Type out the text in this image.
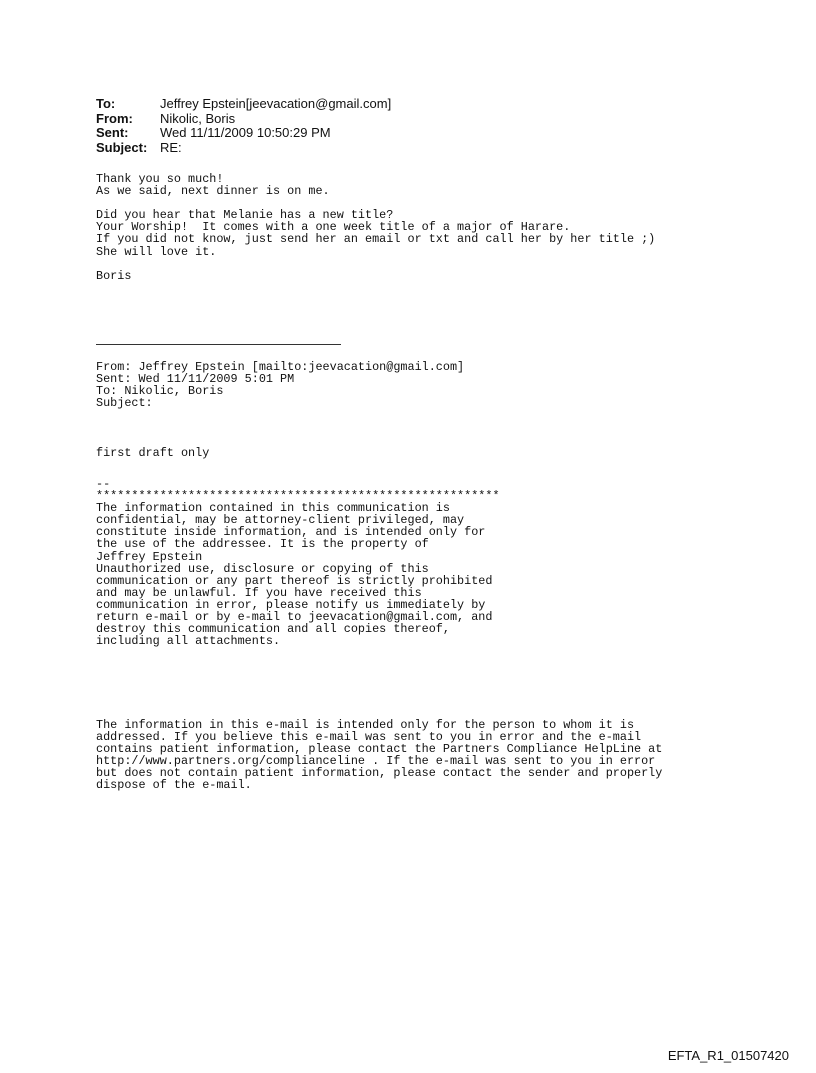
To:	Jeffrey Epstein[jeevacation@gmail.com]
From:	Nikolic, Boris
Sent:	Wed 11/11/2009 10:50:29 PM
Subject: RE:
Thank you so much!
As we said, next dinner is on me.

Did you hear that Melanie has a new title?
Your Worship!  It comes with a one week title of a major of Harare.
If you did not know, just send her an email or txt and call her by her title ;)
She will love it.

Boris
From: Jeffrey Epstein [mailto:jeevacation@gmail.com]
Sent: Wed 11/11/2009 5:01 PM
To: Nikolic, Boris
Subject:
first draft only
--
*********************************************************
The information contained in this communication is
confidential, may be attorney-client privileged, may
constitute inside information, and is intended only for
the use of the addressee. It is the property of
Jeffrey Epstein
Unauthorized use, disclosure or copying of this
communication or any part thereof is strictly prohibited
and may be unlawful. If you have received this
communication in error, please notify us immediately by
return e-mail or by e-mail to jeevacation@gmail.com, and
destroy this communication and all copies thereof,
including all attachments.
The information in this e-mail is intended only for the person to whom it is
addressed. If you believe this e-mail was sent to you in error and the e-mail
contains patient information, please contact the Partners Compliance HelpLine at
http://www.partners.org/complianceline . If the e-mail was sent to you in error
but does not contain patient information, please contact the sender and properly
dispose of the e-mail.
EFTA_R1_01507420
